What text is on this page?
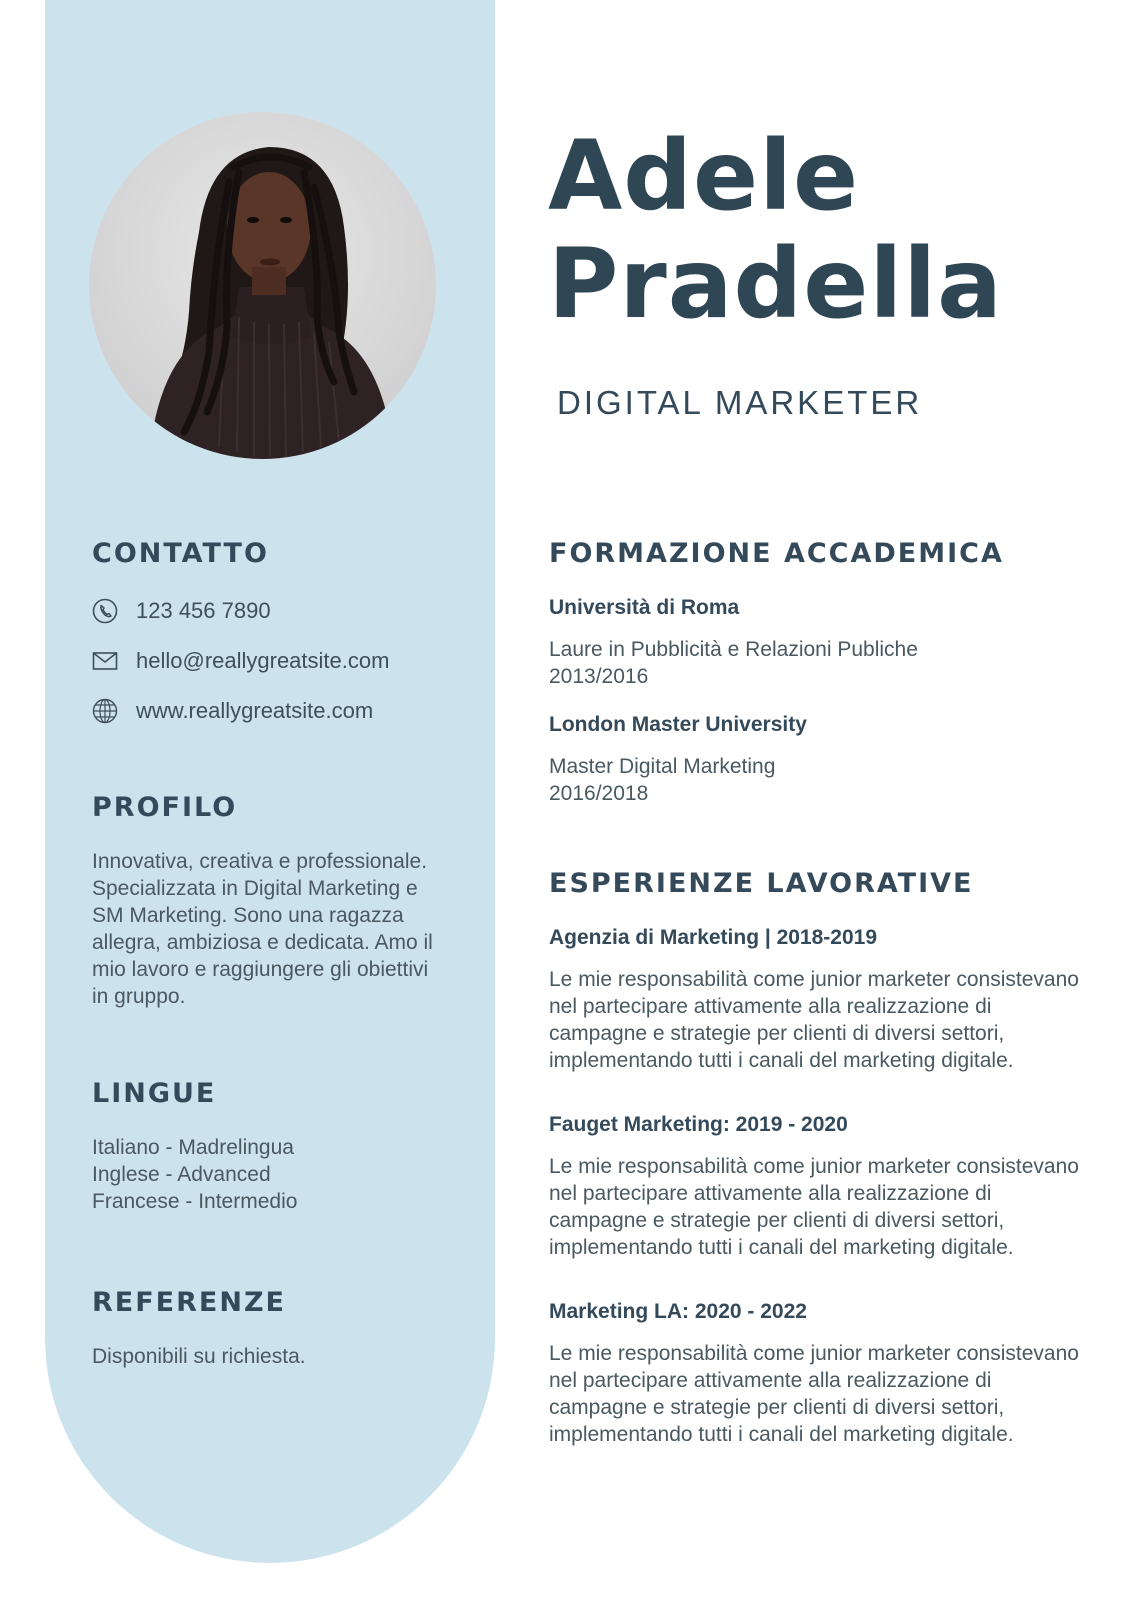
CONTATTO
123 456 7890
hello@reallygreatsite.com
www.reallygreatsite.com
PROFILO
Innovativa, creativa e professionale.
Specializzata in Digital Marketing e
SM Marketing. Sono una ragazza
allegra, ambiziosa e dedicata. Amo il
mio lavoro e raggiungere gli obiettivi
in gruppo.
LINGUE
Italiano - Madrelingua
Inglese - Advanced
Francese - Intermedio
REFERENZE
Disponibili su richiesta.
Adele
Pradella

DIGITAL MARKETER

FORMAZIONE ACCADEMICA

Università di Roma

Laure in Pubblicità e Relazioni Publiche
2013/2016

London Master University

Master Digital Marketing
2016/2018
ESPERIENZE LAVORATIVE

Agenzia di Marketing | 2018-2019

Le mie responsabilità come junior marketer consistevano
nel partecipare attivamente alla realizzazione di
campagne e strategie per clienti di diversi settori,
implementando tutti i canali del marketing digitale.

Fauget Marketing: 2019 - 2020

Le mie responsabilità come junior marketer consistevano
nel partecipare attivamente alla realizzazione di
campagne e strategie per clienti di diversi settori,
implementando tutti i canali del marketing digitale.

Marketing LA: 2020 - 2022

Le mie responsabilità come junior marketer consistevano
nel partecipare attivamente alla realizzazione di
campagne e strategie per clienti di diversi settori,
implementando tutti i canali del marketing digitale.
